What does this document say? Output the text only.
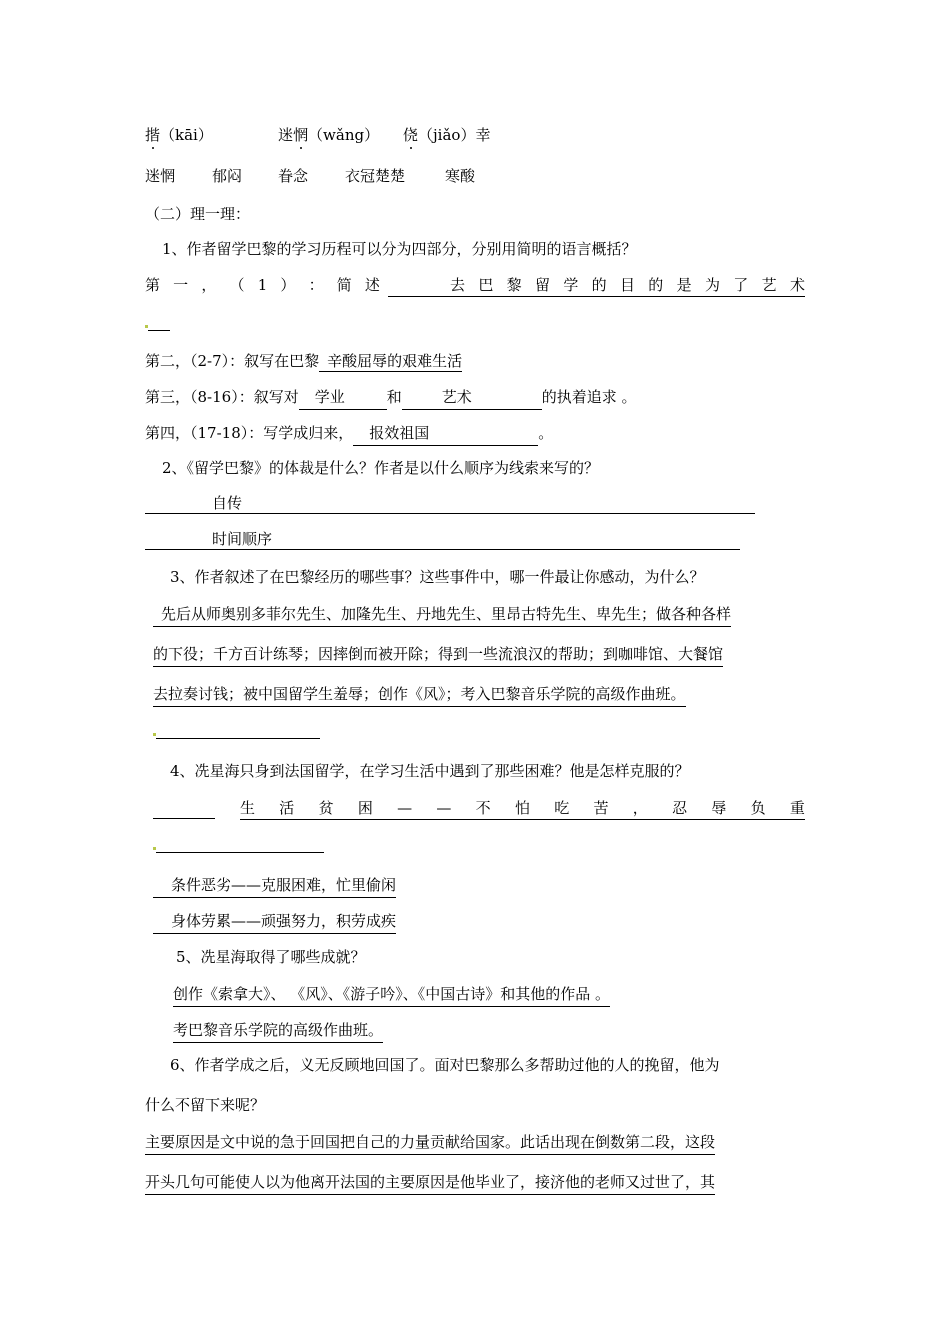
揩（kāi）	迷惘（wǎng） 侥（jiǎo）幸
迷惘 郁闷 眷念 衣冠楚楚	寒酸
（二）理一理：
1、作者留学巴黎的学习历程可以分为四部分，分别用简明的语言概括？
第 一 ， （ 1 ） ： 简 述	去 巴 黎 留 学 的 目 的 是 为 了 艺 术
第二，（2-7）：叙写在巴黎 辛酸屈辱的艰难生活
第三，（8-16）：叙写对 学业	和	艺术	的执着追求 。
第四，（17-18）：写学成归来， 报效祖国	。
2、《留学巴黎》的体裁是什么？作者是以什么顺序为线索来写的？
自传
时间顺序
3、作者叙述了在巴黎经历的哪些事？这些事件中，哪一件最让你感动，为什么？
先后从师奥别多菲尔先生、加隆先生、丹地先生、里昂古特先生、卑先生；做各种各样
的下役；千方百计练琴；因摔倒而被开除；得到一些流浪汉的帮助；到咖啡馆、大餐馆
去拉奏讨钱；被中国留学生羞辱；创作《风》；考入巴黎音乐学院的高级作曲班。
4、冼星海只身到法国留学，在学习生活中遇到了那些困难？他是怎样克服的？
生 活 贫 困 — — 不 怕 吃 苦 ， 忍 辱 负 重
条件恶劣——克服困难，忙里偷闲
身体劳累——顽强努力，积劳成疾
5、冼星海取得了哪些成就？
创作《索拿大》、 《风》、《游子吟》、《中国古诗》和其他的作品 。
考巴黎音乐学院的高级作曲班。
6、作者学成之后，义无反顾地回国了。面对巴黎那么多帮助过他的人的挽留，他为
什么不留下来呢？
主要原因是文中说的急于回国把自己的力量贡献给国家。此话出现在倒数第二段，这段
开头几句可能使人以为他离开法国的主要原因是他毕业了，接济他的老师又过世了，其
